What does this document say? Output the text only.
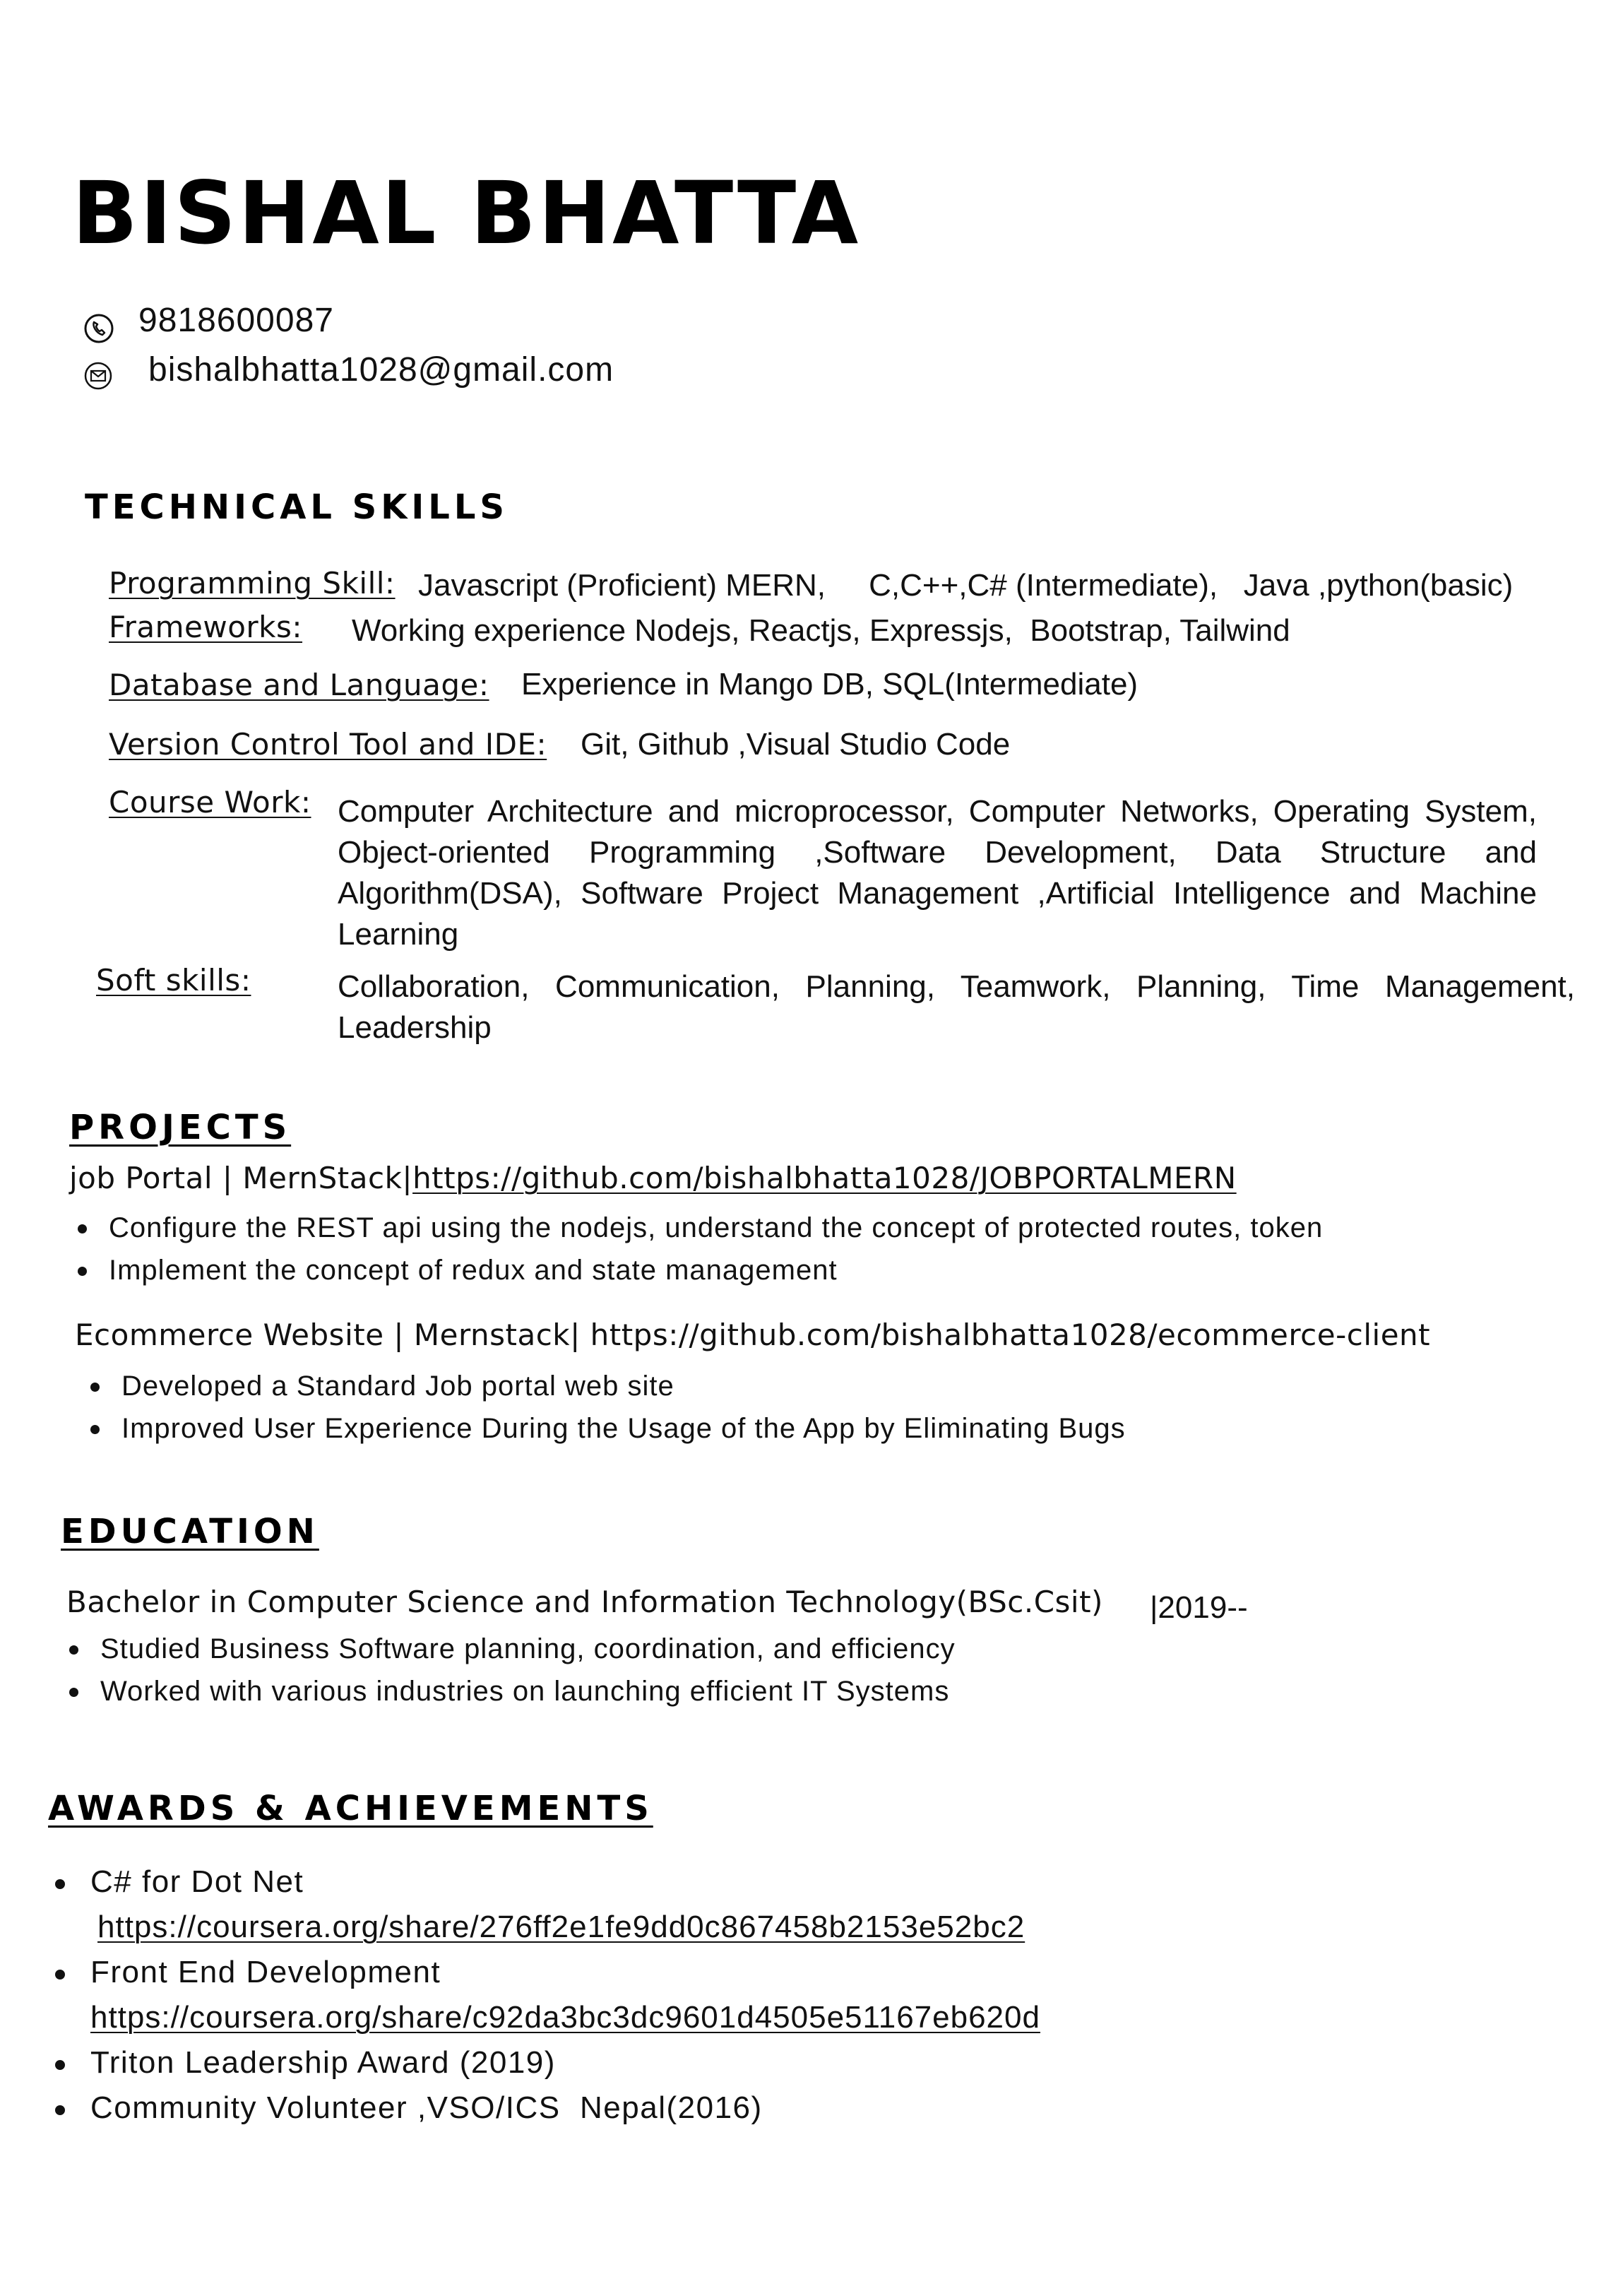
BISHAL BHATTA
9818600087
bishalbhatta1028@gmail.com
TECHNICAL SKILLS
Programming Skill: Javascript (Proficient) MERN,     C,C++,C# (Intermediate),   Java ,python(basic)
Frameworks: Working experience Nodejs, Reactjs, Expressjs,  Bootstrap, Tailwind
Database and Language: Experience in Mango DB, SQL(Intermediate)
Version Control Tool and IDE: Git, Github ,Visual Studio Code
Course Work: Computer Architecture and microprocessor, Computer Networks, Operating System, Object-oriented Programming ,Software Development, Data Structure and Algorithm(DSA), Software Project Management ,Artificial Intelligence and Machine Learning
Soft skills:	Collaboration, Communication, Planning, Teamwork, Planning, Time Management, Leadership
PROJECTS
job Portal | MernStack|https://github.com/bishalbhatta1028/JOBPORTALMERN
Configure the REST api using the nodejs, understand the concept of protected routes, token
Implement the concept of redux and state management
Ecommerce Website | Mernstack| https://github.com/bishalbhatta1028/ecommerce-client
Developed a Standard Job portal web site
Improved User Experience During the Usage of the App by Eliminating Bugs
EDUCATION
Bachelor in Computer Science and Information Technology(BSc.Csit) |2019--
Studied Business Software planning, coordination, and efficiency
Worked with various industries on launching efficient IT Systems
AWARDS & ACHIEVEMENTS
C# for Dot Net
https://coursera.org/share/276ff2e1fe9dd0c867458b2153e52bc2
Front End Development
https://coursera.org/share/c92da3bc3dc9601d4505e51167eb620d
Triton Leadership Award (2019)
Community Volunteer ,VSO/ICS  Nepal(2016)
